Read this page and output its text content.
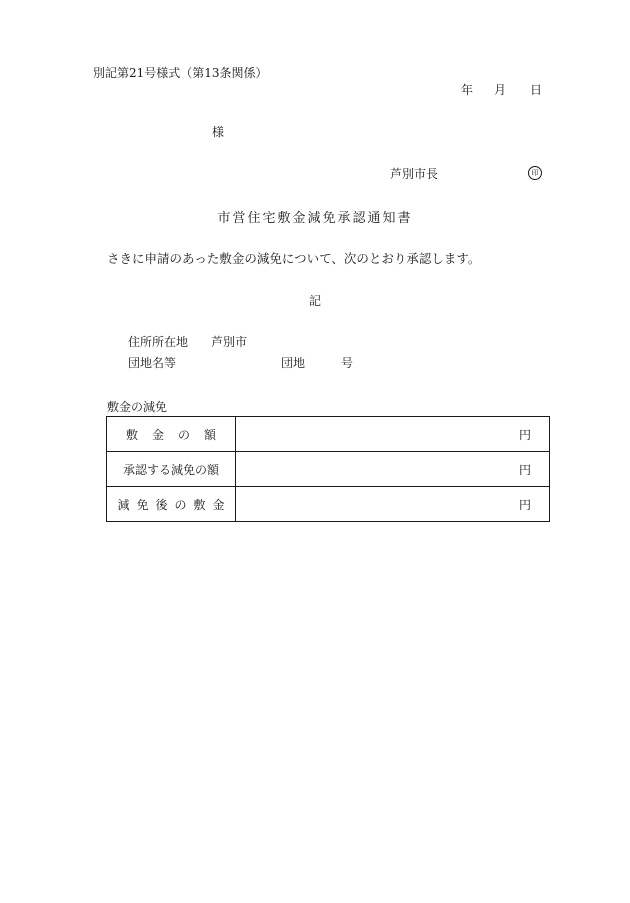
別記第21号様式（第13条関係）
年 月 日
様
芦別市長	印
市営住宅敷金減免承認通知書
さきに申請のあった敷金の減免について、次のとおり承認します。
記
住所所在地 芦別市
団地名等	団地	号
敷金の減免
敷金の額	円
承認する減免の額	円
減免後の敷金	円
